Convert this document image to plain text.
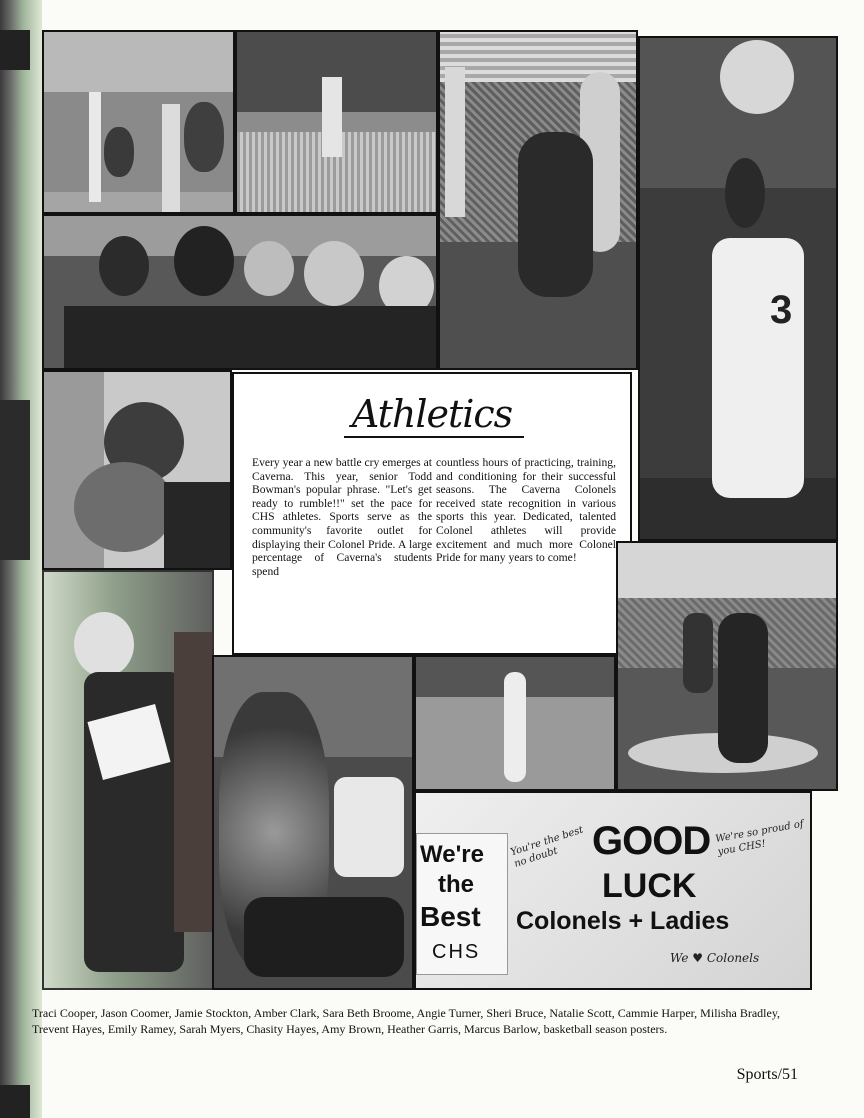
3
Athletics
Every year a new battle cry emerges at Caverna. This year, senior Todd Bowman's popular phrase. "Let's get ready to rumble!!" set the pace for CHS athletes. Sports serve as the community's favorite outlet for displaying their Colonel Pride. A large percentage of Caverna's students spend
countless hours of practicing, training, and conditioning for their successful seasons. The Caverna Colonels received state recognition in various sports this year. Dedicated, talented Colonel athletes will provide excitement and much more Colonel Pride for many years to come!
We're
the
Best
CHS
You're the best no doubt GOOD
LUCK
We're so proud of you CHS!
Colonels + Ladies
We ♥ Colonels
Traci Cooper, Jason Coomer, Jamie Stockton, Amber Clark, Sara Beth Broome, Angie Turner, Sheri Bruce, Natalie Scott, Cammie Harper, Milisha Bradley, Trevent Hayes, Emily Ramey, Sarah Myers, Chasity Hayes, Amy Brown, Heather Garris, Marcus Barlow, basketball season posters.
Sports/51
